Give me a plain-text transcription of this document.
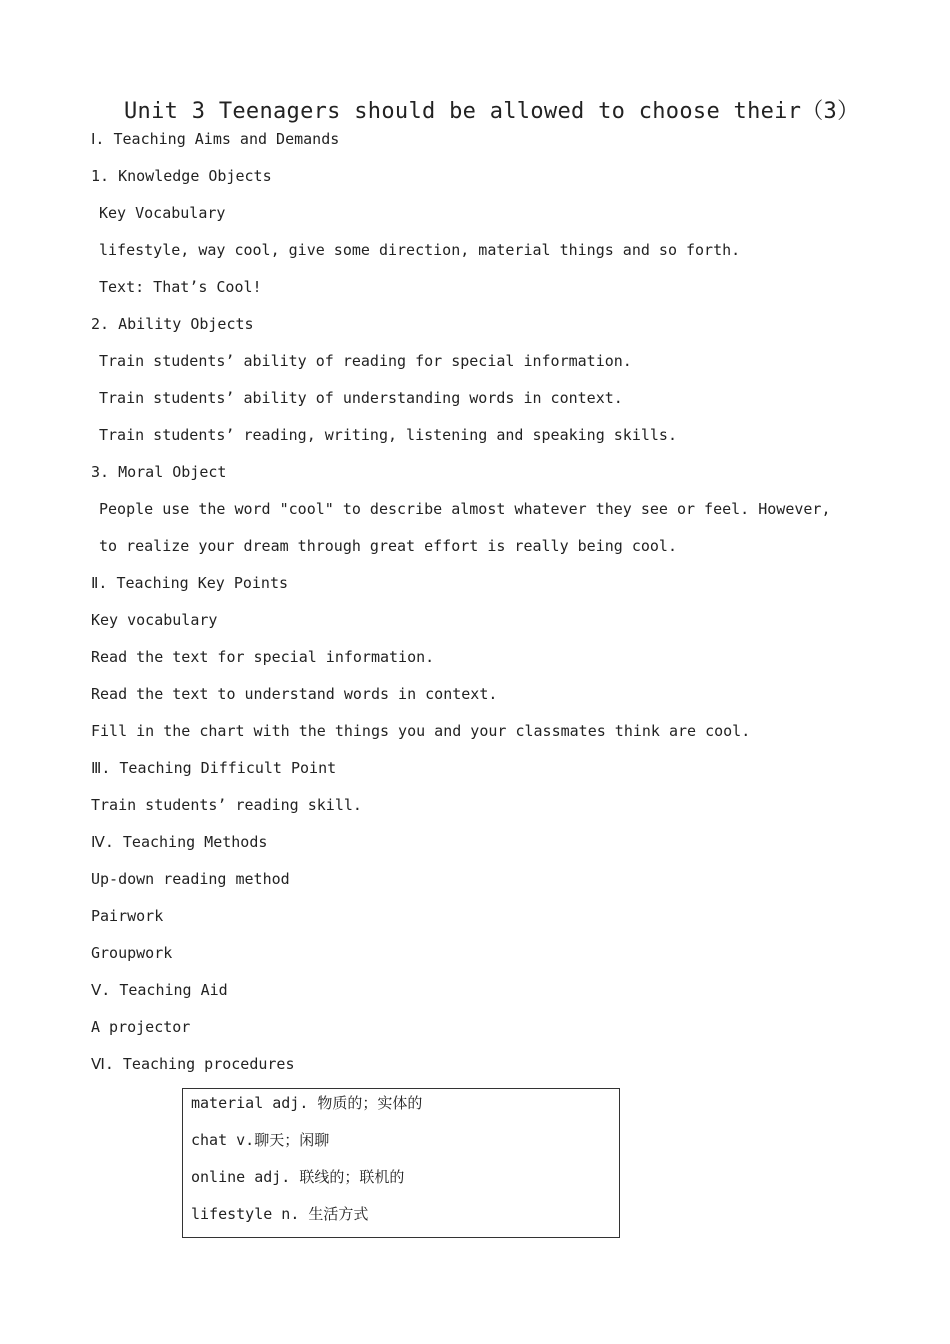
Unit 3 Teenagers should be allowed to choose their（3）
Ⅰ. Teaching Aims and Demands
1. Knowledge Objects
Key Vocabulary
lifestyle, way cool, give some direction, material things and so forth.
Text: That’s Cool!
2. Ability Objects
Train students’ ability of reading for special information.
Train students’ ability of understanding words in context.
Train students’ reading, writing, listening and speaking skills.
3. Moral Object
People use the word "cool" to describe almost whatever they see or feel. However,
to realize your dream through great effort is really being cool.
Ⅱ. Teaching Key Points
Key vocabulary
Read the text for special information.
Read the text to understand words in context.
Fill in the chart with the things you and your classmates think are cool.
Ⅲ. Teaching Difficult Point
Train students’ reading skill.
Ⅳ. Teaching Methods
Up-down reading method
Pairwork
Groupwork
Ⅴ. Teaching Aid
A projector
Ⅵ. Teaching procedures
material adj. 物质的；实体的
chat v.聊天；闲聊
online adj. 联线的；联机的
lifestyle n. 生活方式
